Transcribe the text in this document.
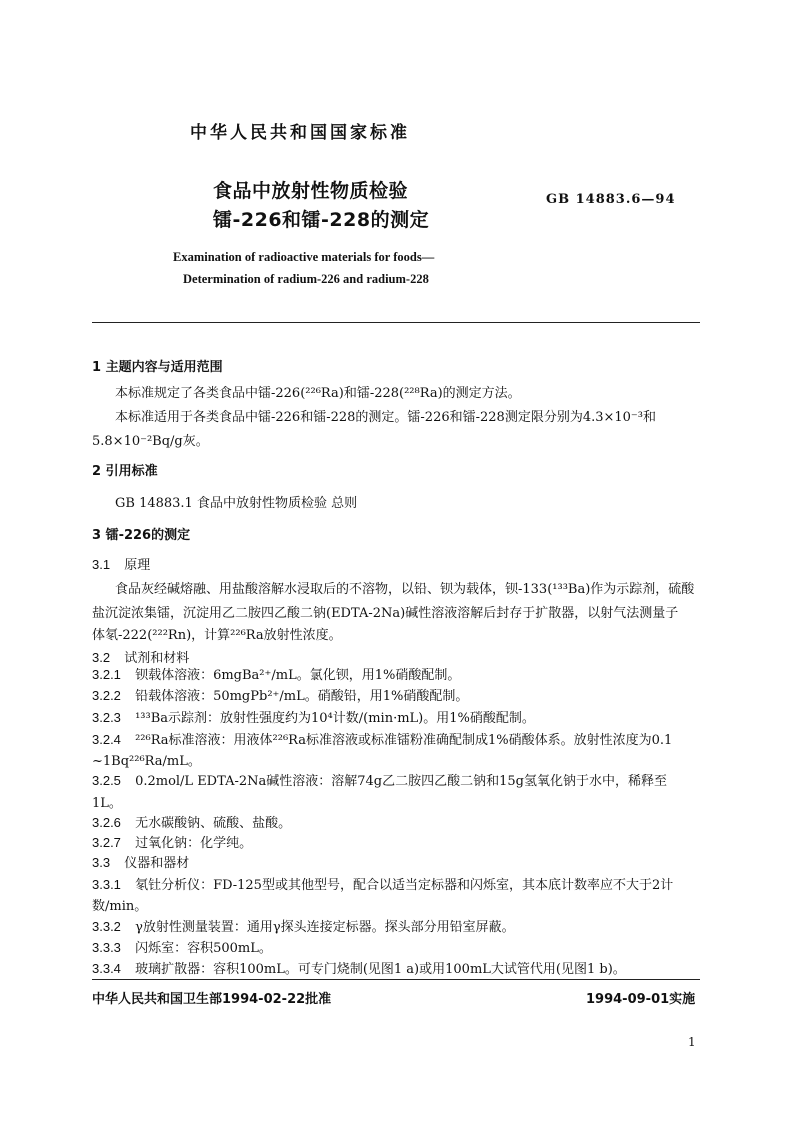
中华人民共和国国家标准
食品中放射性物质检验
镭-226和镭-228的测定
GB 14883.6—94
Examination of radioactive materials for foods—
Determination of radium-226 and radium-228
1 主题内容与适用范围
本标准规定了各类食品中镭-226(²²⁶Ra)和镭-228(²²⁸Ra)的测定方法。
本标准适用于各类食品中镭-226和镭-228的测定。镭-226和镭-228测定限分别为4.3×10⁻³和
5.8×10⁻²Bq/g灰。
2 引用标准
GB 14883.1 食品中放射性物质检验 总则
3 镭-226的测定
3.1 原理
食品灰经碱熔融、用盐酸溶解水浸取后的不溶物，以铅、钡为载体，钡-133(¹³³Ba)作为示踪剂，硫酸
盐沉淀浓集镭，沉淀用乙二胺四乙酸二钠(EDTA-2Na)碱性溶液溶解后封存于扩散器，以射气法测量子
体氡-222(²²²Rn)，计算²²⁶Ra放射性浓度。
3.2 试剂和材料
3.2.1 钡载体溶液：6mgBa²⁺/mL。氯化钡，用1%硝酸配制。
3.2.2 铅载体溶液：50mgPb²⁺/mL。硝酸铅，用1%硝酸配制。
3.2.3 ¹³³Ba示踪剂：放射性强度约为10⁴计数/(min·mL)。用1%硝酸配制。
3.2.4 ²²⁶Ra标准溶液：用液体²²⁶Ra标准溶液或标准镭粉准确配制成1%硝酸体系。放射性浓度为0.1
~1Bq²²⁶Ra/mL。
3.2.5 0.2mol/L EDTA-2Na碱性溶液：溶解74g乙二胺四乙酸二钠和15g氢氧化钠于水中，稀释至
1L。
3.2.6 无水碳酸钠、硫酸、盐酸。
3.2.7 过氧化钠：化学纯。
3.3 仪器和器材
3.3.1 氡钍分析仪：FD-125型或其他型号，配合以适当定标器和闪烁室，其本底计数率应不大于2计
数/min。
3.3.2 γ放射性测量装置：通用γ探头连接定标器。探头部分用铅室屏蔽。
3.3.3 闪烁室：容积500mL。
3.3.4 玻璃扩散器：容积100mL。可专门烧制(见图1 a)或用100mL大试管代用(见图1 b)。
中华人民共和国卫生部1994-02-22批准	1994-09-01实施
1
